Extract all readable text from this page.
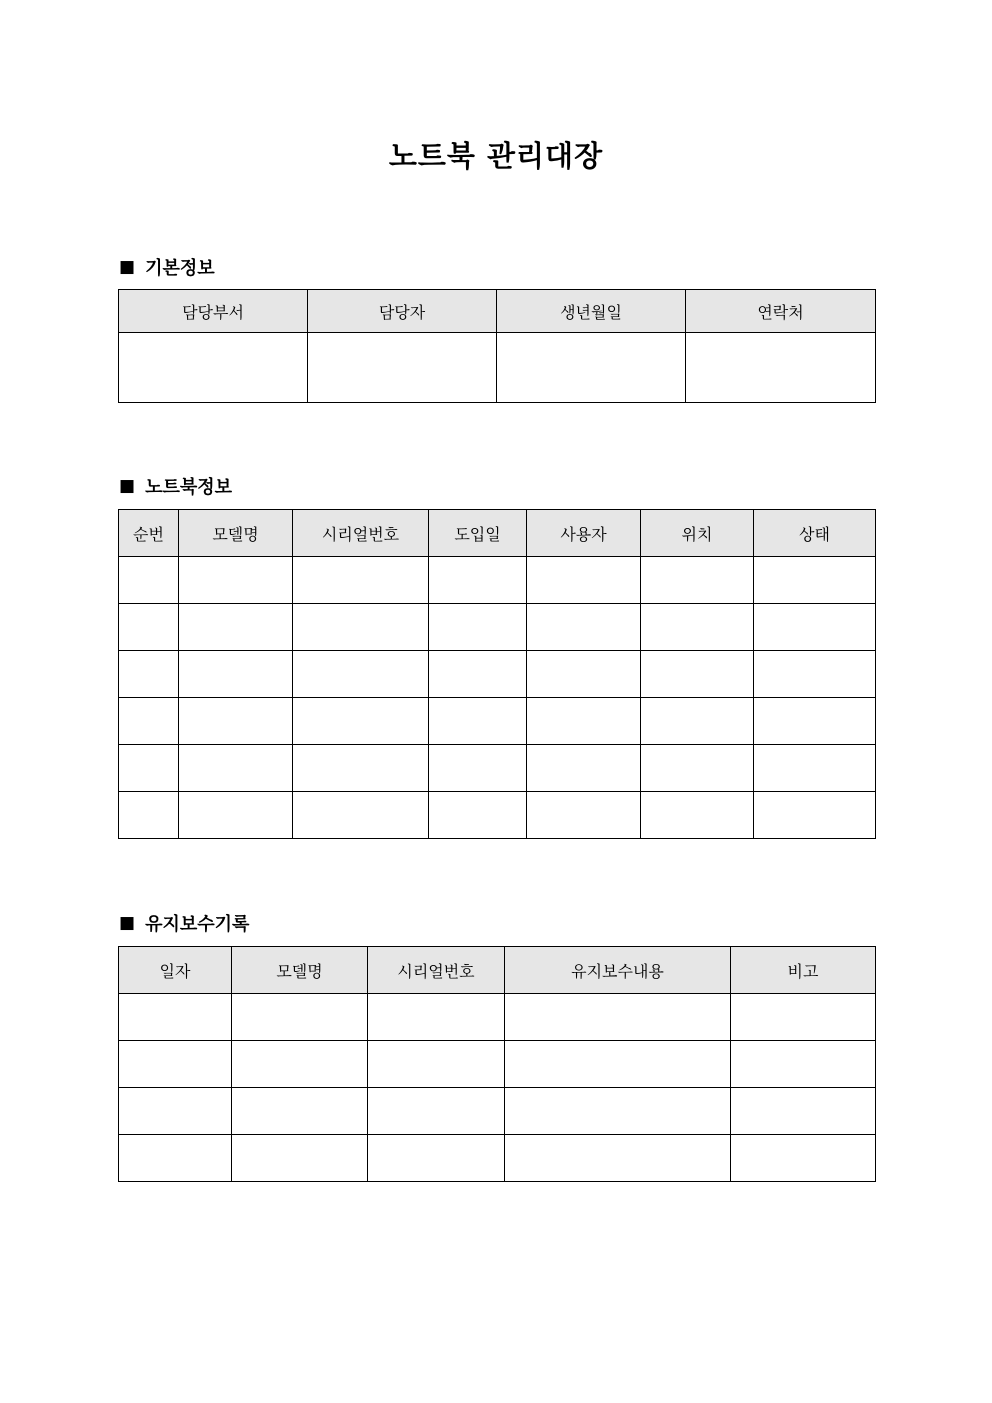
노트북 관리대장
■ 기본정보
담당부서	담당자	생년월일	연락처

■ 노트북정보
순번	모델명	시리얼번호	도입일	사용자	위치	상태

■ 유지보수기록
일자	모델명	시리얼번호	유지보수내용	비고
